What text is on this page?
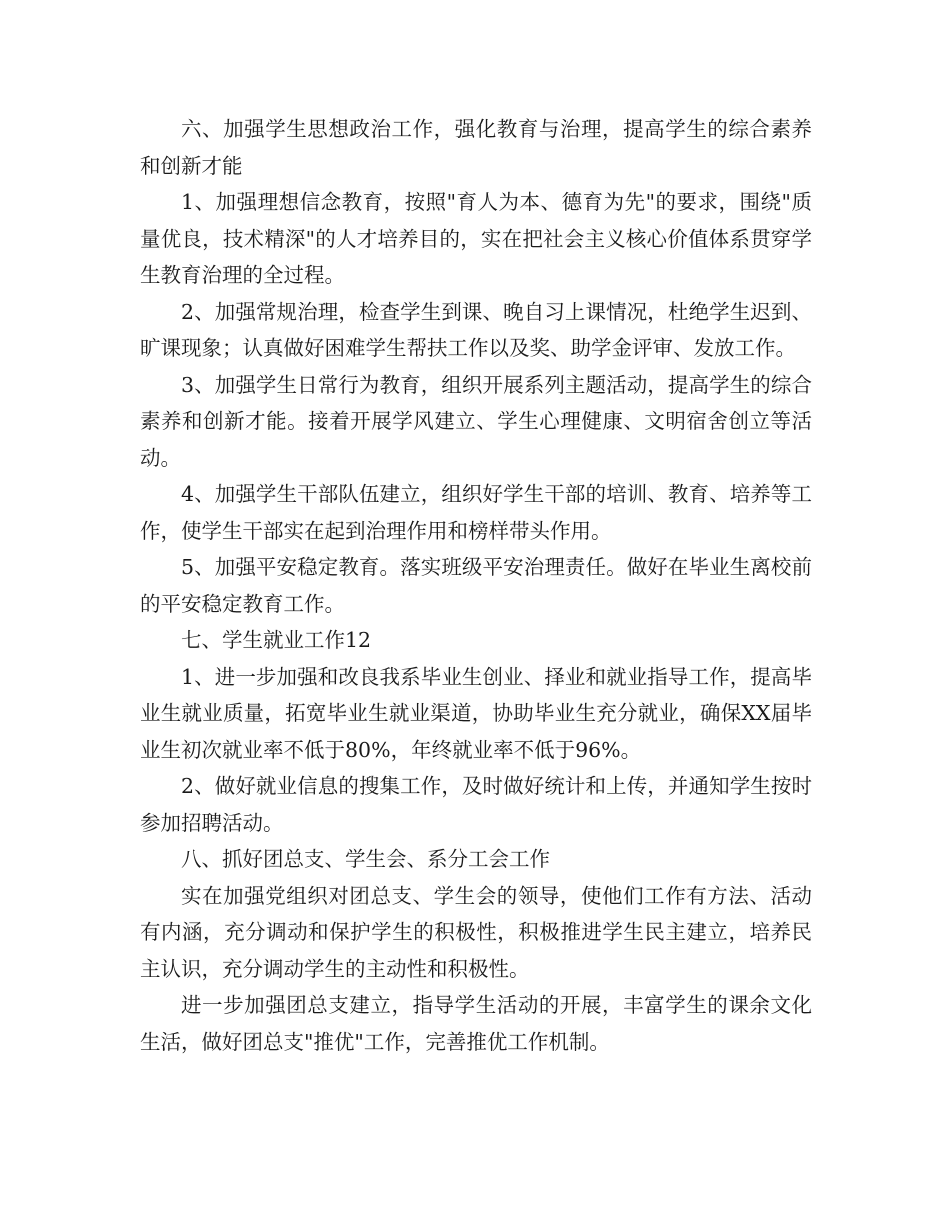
六、加强学生思想政治工作，强化教育与治理，提高学生的综合素养和创新才能

1、加强理想信念教育，按照"育人为本、德育为先"的要求，围绕"质量优良，技术精深"的人才培养目的，实在把社会主义核心价值体系贯穿学生教育治理的全过程。

2、加强常规治理，检查学生到课、晚自习上课情况，杜绝学生迟到、旷课现象；认真做好困难学生帮扶工作以及奖、助学金评审、发放工作。

3、加强学生日常行为教育，组织开展系列主题活动，提高学生的综合素养和创新才能。接着开展学风建立、学生心理健康、文明宿舍创立等活动。

4、加强学生干部队伍建立，组织好学生干部的培训、教育、培养等工作，使学生干部实在起到治理作用和榜样带头作用。

5、加强平安稳定教育。落实班级平安治理责任。做好在毕业生离校前的平安稳定教育工作。

七、学生就业工作12

1、进一步加强和改良我系毕业生创业、择业和就业指导工作，提高毕业生就业质量，拓宽毕业生就业渠道，协助毕业生充分就业，确保XX届毕业生初次就业率不低于80%，年终就业率不低于96%。

2、做好就业信息的搜集工作，及时做好统计和上传，并通知学生按时参加招聘活动。

八、抓好团总支、学生会、系分工会工作

实在加强党组织对团总支、学生会的领导，使他们工作有方法、活动有内涵，充分调动和保护学生的积极性，积极推进学生民主建立，培养民主认识，充分调动学生的主动性和积极性。

进一步加强团总支建立，指导学生活动的开展，丰富学生的课余文化生活，做好团总支"推优"工作，完善推优工作机制。
